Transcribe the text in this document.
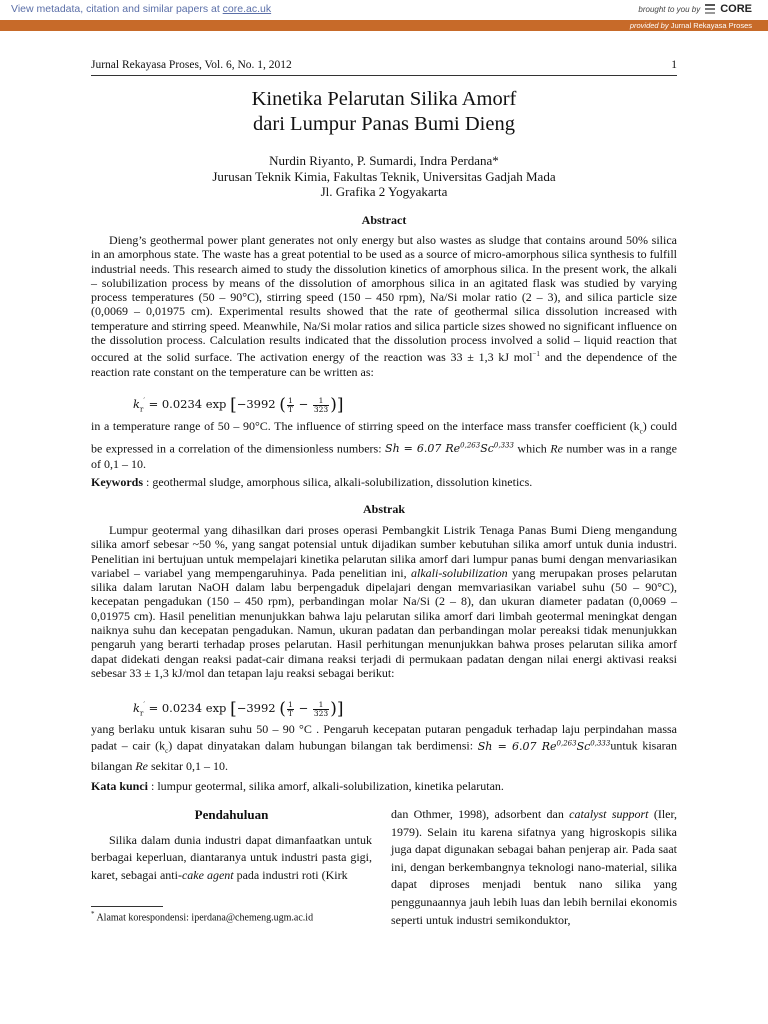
View metadata, citation and similar papers at core.ac.uk	brought to you by CORE
provided by Jurnal Rekayasa Proses
Jurnal Rekayasa Proses, Vol. 6, No. 1, 2012	1
Kinetika Pelarutan Silika Amorf
dari Lumpur Panas Bumi Dieng
Nurdin Riyanto, P. Sumardi, Indra Perdana*
Jurusan Teknik Kimia, Fakultas Teknik, Universitas Gadjah Mada
Jl. Grafika 2 Yogyakarta
Abstract
Dieng’s geothermal power plant generates not only energy but also wastes as sludge that contains around 50% silica in an amorphous state. The waste has a great potential to be used as a source of micro-amorphous silica synthesis to fulfill industrial needs. This research aimed to study the dissolution kinetics of amorphous silica. In the present work, the alkali – solubilization process by means of the dissolution of amorphous silica in an agitated flask was studied by varying process temperatures (50 – 90°C), stirring speed (150 – 450 rpm), Na/Si molar ratio (2 – 3), and silica particle size (0,0069 – 0,01975 cm). Experimental results showed that the rate of geothermal silica dissolution increased with temperature and stirring speed. Meanwhile, Na/Si molar ratios and silica particle sizes showed no significant influence on the dissolution process. Calculation results indicated that the dissolution process involved a solid – liquid reaction that occured at the solid surface. The activation energy of the reaction was 33 ± 1,3 kJ mol$^{-1}$ and the dependence of the reaction rate constant on the temperature can be written as:
$k_r' = 0.0234$ exp [−3992 ( $\frac{1}{T} - \frac{1}{323}$ )]
in a temperature range of 50 – 90°C. The influence of stirring speed on the interface mass transfer coefficient $(k_c)$ could be expressed in a correlation of the dimensionless numbers: Sh = 6.07 Re$^{0,263}$Sc$^{0,333}$ which Re number was in a range of 0,1 – 10.
Keywords : geothermal sludge, amorphous silica, alkali-solubilization, dissolution kinetics.
Abstrak
Lumpur geotermal yang dihasilkan dari proses operasi Pembangkit Listrik Tenaga Panas Bumi Dieng mengandung silika amorf sebesar ~50 %, yang sangat potensial untuk dijadikan sumber kebutuhan silika amorf untuk dunia industri. Penelitian ini bertujuan untuk mempelajari kinetika pelarutan silika amorf dari lumpur panas bumi dengan menvariasikan variabel – variabel yang mempengaruhinya. Pada penelitian ini, alkali-solubilization yang merupakan proses pelarutan silika dalam larutan NaOH dalam labu berpengaduk dipelajari dengan memvariasikan variabel suhu (50 – 90°C), kecepatan pengadukan (150 – 450 rpm), perbandingan molar Na/Si (2 – 8), dan ukuran diameter padatan (0,0069 – 0,01975 cm). Hasil penelitian menunjukkan bahwa laju pelarutan silika amorf dari limbah geotermal meningkat dengan naiknya suhu dan kecepatan pengadukan. Namun, ukuran padatan dan perbandingan molar pereaksi tidak menunjukkan pengaruh yang berarti terhadap proses pelarutan. Hasil perhitungan menunjukkan bahwa proses pelarutan silika amorf dapat didekati dengan reaksi padat-cair dimana reaksi terjadi di permukaan padatan dengan nilai energi aktivasi reaksi sebesar 33 ± 1,3 kJ/mol dan tetapan laju reaksi sebagai berikut:
$k_r' = 0.0234$ exp [−3992 ( $\frac{1}{T} - \frac{1}{323}$ )]
yang berlaku untuk kisaran suhu 50 – 90 °C . Pengaruh kecepatan putaran pengaduk terhadap laju perpindahan massa padat – cair $(k_c)$ dapat dinyatakan dalam hubungan bilangan tak berdimensi: Sh = 6.07 Re$^{0,263}$Sc$^{0,333}$untuk kisaran bilangan Re sekitar 0,1 – 10.
Kata kunci : lumpur geotermal, silika amorf, alkali-solubilization, kinetika pelarutan.
Pendahuluan
Silika dalam dunia industri dapat dimanfaatkan untuk berbagai keperluan, diantaranya untuk industri pasta gigi, karet, sebagai anti-cake agent pada industri roti (Kirk
dan Othmer, 1998), adsorbent dan catalyst support (Iler, 1979). Selain itu karena sifatnya yang higroskopis silika juga dapat digunakan sebagai bahan penjerap air. Pada saat ini, dengan berkembangnya teknologi nano-material, silika dapat diproses menjadi bentuk nano silika yang penggunaannya jauh lebih luas dan lebih bernilai ekonomis seperti untuk industri semikonduktor,
* Alamat korespondensi: iperdana@chemeng.ugm.ac.id
